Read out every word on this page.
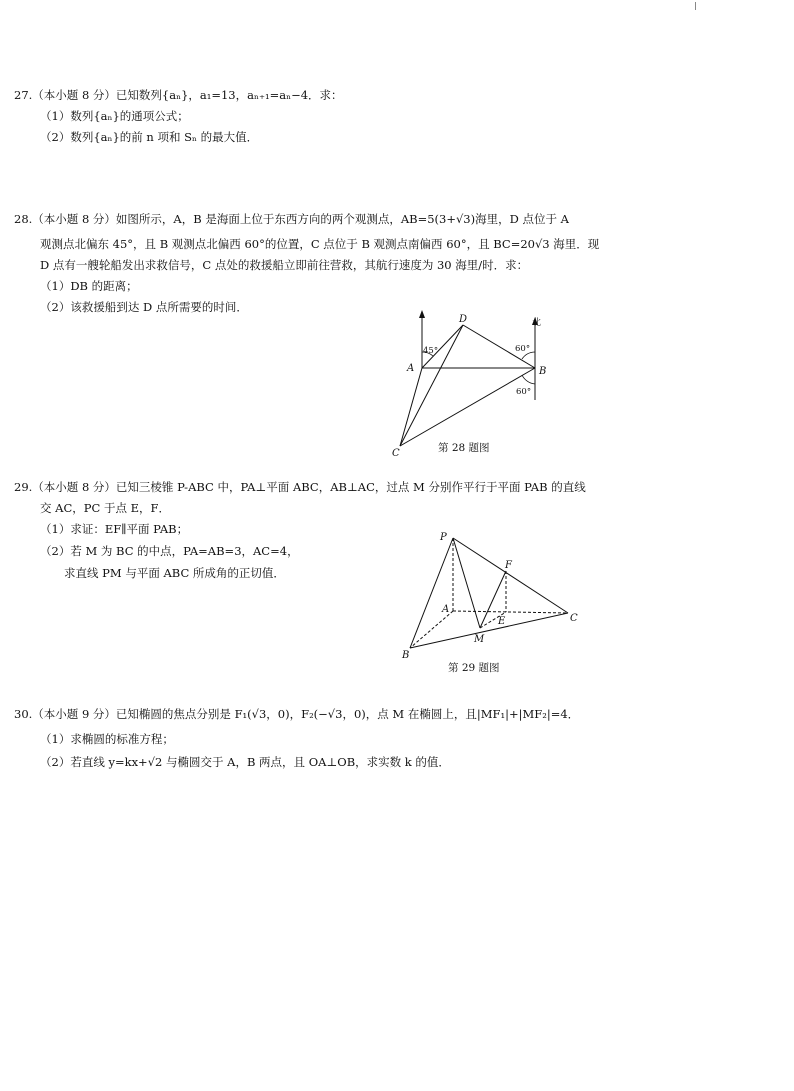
27.（本小题 8 分）已知数列{aₙ}，a₁=13，aₙ₊₁=aₙ−4．求：
（1）数列{aₙ}的通项公式；
（2）数列{aₙ}的前 n 项和 Sₙ 的最大值．
28.（本小题 8 分）如图所示，A，B 是海面上位于东西方向的两个观测点，AB=5(3+√3)海里，D 点位于 A
观测点北偏东 45°，且 B 观测点北偏西 60°的位置，C 点位于 B 观测点南偏西 60°，且 BC=20√3 海里．现
D 点有一艘轮船发出求救信号，C 点处的救援船立即前往营救，其航行速度为 30 海里/时．求：
（1）DB 的距离；
（2）该救援船到达 D 点所需要的时间．
A	B
C
D	北
45°	60°
60°
第 28 题图
29.（本小题 8 分）已知三棱锥 P-ABC 中，PA⊥平面 ABC，AB⊥AC，过点 M 分别作平行于平面 PAB 的直线
交 AC，PC 于点 E，F．
（1）求证：EF∥平面 PAB；
（2）若 M 为 BC 的中点，PA=AB=3，AC=4，
求直线 PM 与平面 ABC 所成角的正切值．
P
A
B
C
M
E
F
第 29 题图
30.（本小题 9 分）已知椭圆的焦点分别是 F₁(√3，0)，F₂(−√3，0)，点 M 在椭圆上，且|MF₁|+|MF₂|=4．
（1）求椭圆的标准方程；
（2）若直线 y=kx+√2 与椭圆交于 A，B 两点，且 OA⊥OB，求实数 k 的值．
